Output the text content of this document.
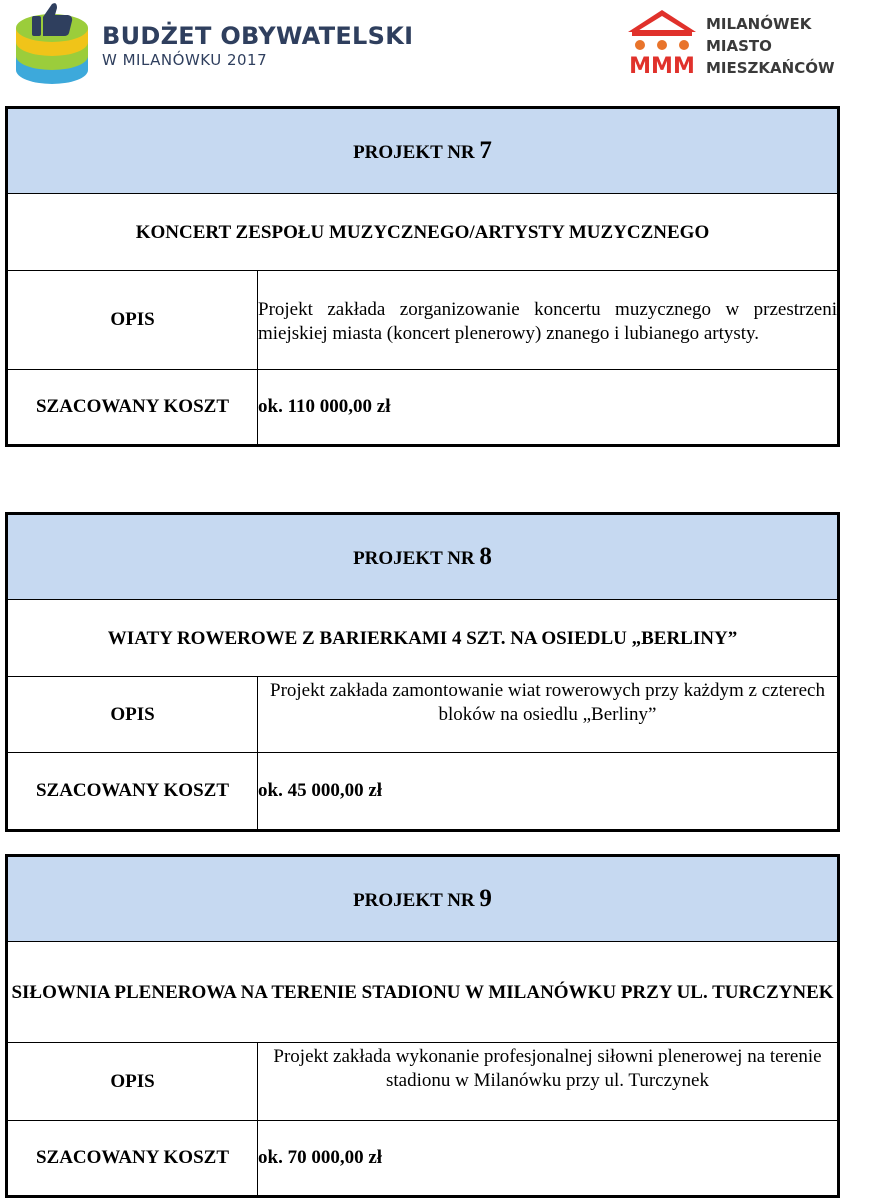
BUDŻET OBYWATELSKI
W MILANÓWKU 2017	MMM
MILANÓWEK
MIASTO
MIESZKAŃCÓW
PROJEKT NR 7	
KONCERT ZESPOŁU MUZYCZNEGO/ARTYSTY MUZYCZNEGO	
OPIS	Projekt zakłada zorganizowanie koncertu muzycznego w przestrzeni miejskiej miasta (koncert plenerowy) znanego i lubianego artysty.
SZACOWANY KOSZT	ok. 110 000,00 zł
PROJEKT NR 8	
WIATY ROWEROWE Z BARIERKAMI 4 SZT. NA OSIEDLU „BERLINY”	
OPIS	Projekt zakłada zamontowanie wiat rowerowych przy każdym z czterech bloków na osiedlu „Berliny”
SZACOWANY KOSZT	ok. 45 000,00 zł
PROJEKT NR 9	
SIŁOWNIA PLENEROWA NA TERENIE STADIONU W MILANÓWKU PRZY UL. TURCZYNEK	
OPIS	Projekt zakłada wykonanie profesjonalnej siłowni plenerowej na terenie stadionu w Milanówku przy ul. Turczynek
SZACOWANY KOSZT	ok. 70 000,00 zł
